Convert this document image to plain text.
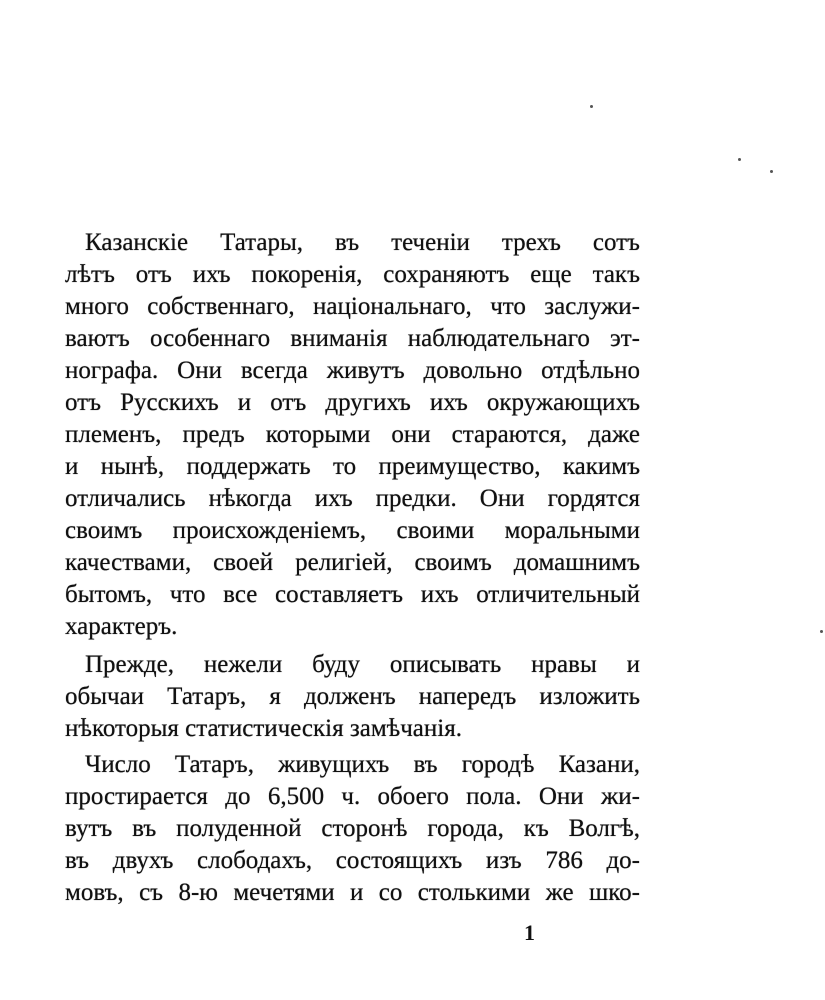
Казанскіе Татары, въ теченіи трехъ сотъ
лѣтъ отъ ихъ покоренія, сохраняютъ еще такъ
много собственнаго, національнаго, что заслужи-
ваютъ особеннаго вниманія наблюдательнаго эт-
нографа. Они всегда живутъ довольно отдѣльно
отъ Русскихъ и отъ другихъ ихъ окружающихъ
племенъ, предъ которыми они стараются, даже
и нынѣ, поддержать то преимущество, какимъ
отличались нѣкогда ихъ предки. Они гордятся
своимъ происхожденіемъ, своими моральными
качествами, своей религіей, своимъ домашнимъ
бытомъ, что все составляетъ ихъ отличительный
характеръ.
Прежде, нежели буду описывать нравы и
обычаи Татаръ, я долженъ напередъ изложить
нѣкоторыя статистическія замѣчанія.
Число Татаръ, живущихъ въ городѣ Казани,
простирается до 6,500 ч. обоего пола. Они жи-
вутъ въ полуденной сторонѣ города, къ Волгѣ,
въ двухъ слободахъ, состоящихъ изъ 786 до-
мовъ, съ 8-ю мечетями и со столькими же шко-
1
